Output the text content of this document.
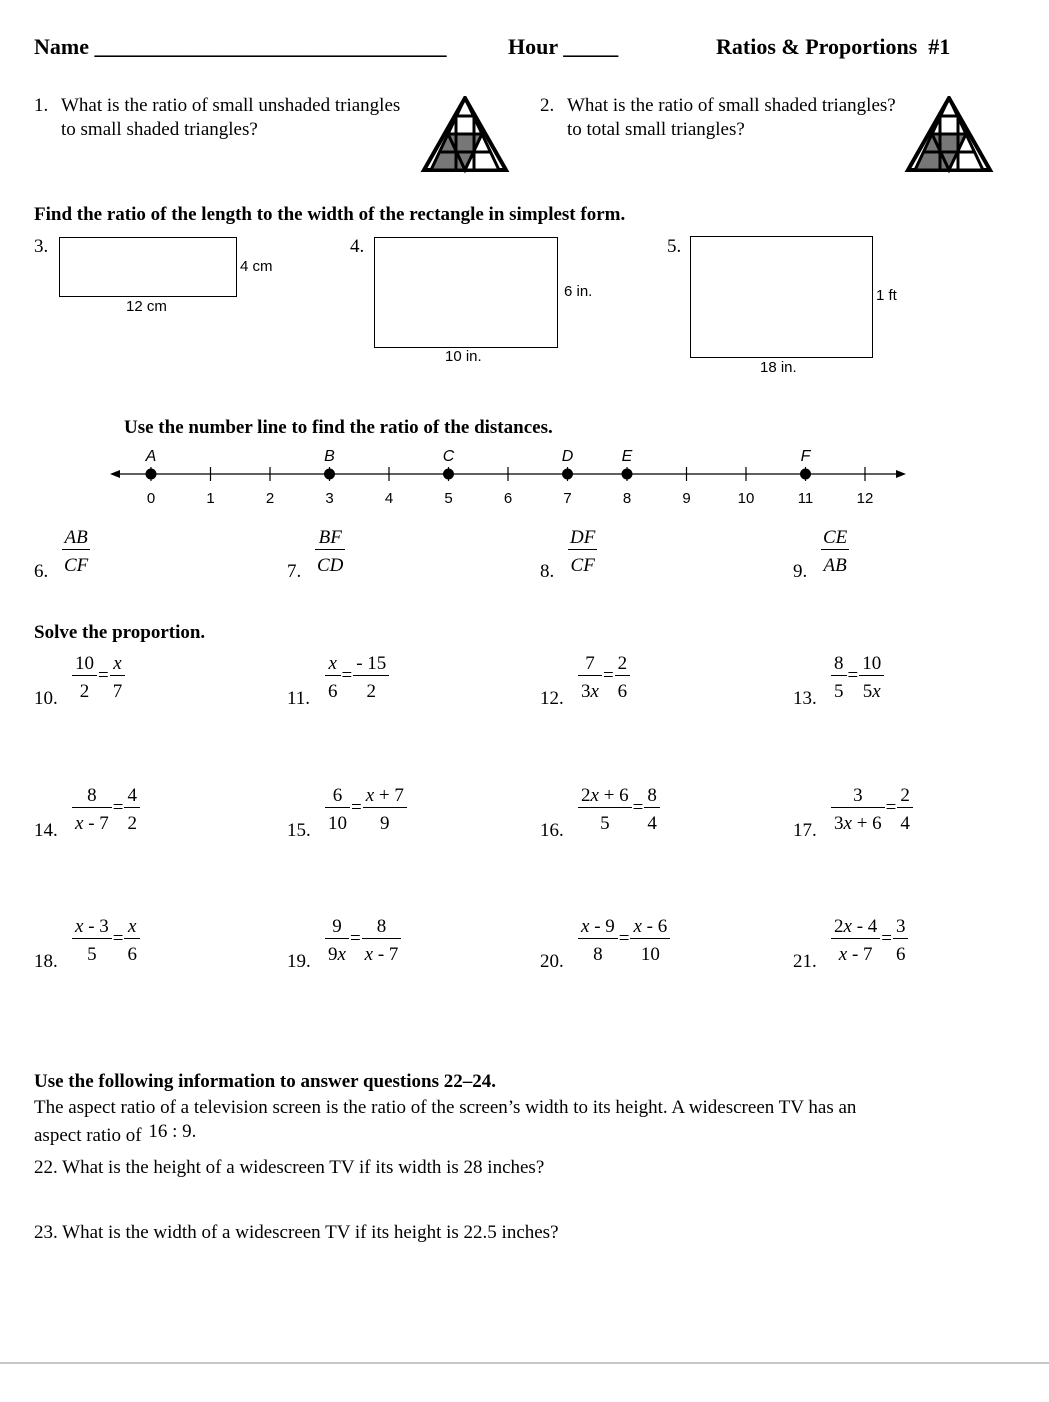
Name ________________________________	Hour _____	Ratios & Proportions  #1
1. What is the ratio of small unshaded triangles
to small shaded triangles?
2. What is the ratio of small shaded triangles?
to total small triangles?
Find the ratio of the length to the width of the rectangle in simplest form.
3.
4 cm
12 cm
4.
6 in.
10 in.
5.
1 ft
18 in.
Use the number line to find the ratio of the distances.
0	1	2	3	4	5	6	7	8	9	10	11	12
A	B	C	D	E	F
6. $\frac{AB}{CF}$	7. $\frac{BF}{CD}$	8. $\frac{DF}{CF}$	9. $\frac{CE}{AB}$
Solve the proportion.
10. $\frac{10}{2} = \frac{x}{7}$	11. $\frac{x}{6} = \frac{- 15}{2}$	12. $\frac{7}{3x} = \frac{2}{6}$	13. $\frac{8}{5} = \frac{10}{5x}$
14. $\frac{8}{x - 7} = \frac{4}{2}$	15. $\frac{6}{10} = \frac{x + 7}{9}$	16. $\frac{2x + 6}{5} = \frac{8}{4}$	17. $\frac{3}{3x + 6} = \frac{2}{4}$
18. $\frac{x - 3}{5} = \frac{x}{6}$	19. $\frac{9}{9x} = \frac{8}{x - 7}$	20. $\frac{x - 9}{8} = \frac{x - 6}{10}$	21. $\frac{2x - 4}{x - 7} = \frac{3}{6}$
Use the following information to answer questions 22–24.
The aspect ratio of a television screen is the ratio of the screen’s width to its height. A widescreen TV has an
aspect ratio of 16 : 9.
22. What is the height of a widescreen TV if its width is 28 inches?
23. What is the width of a widescreen TV if its height is 22.5 inches?
